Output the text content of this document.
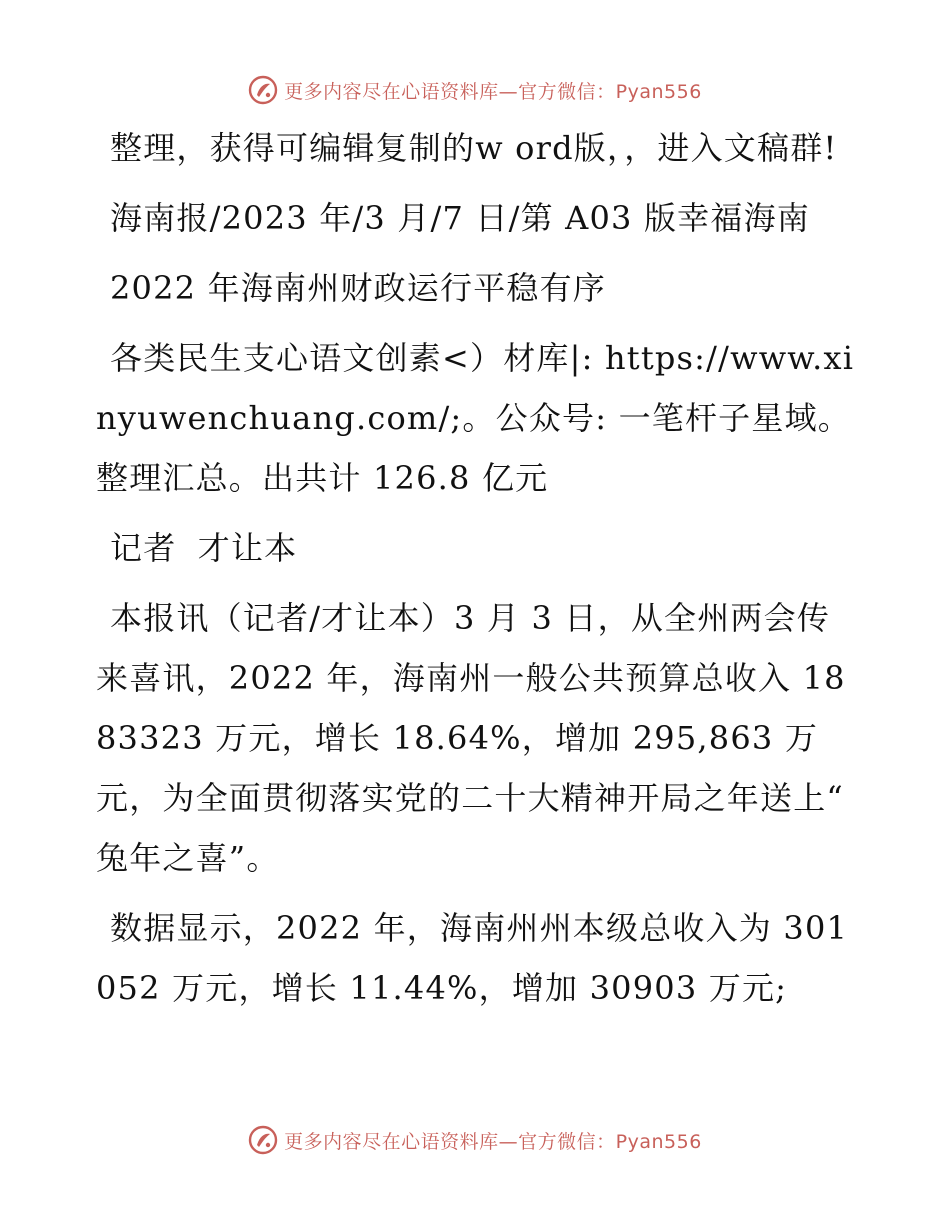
更多内容尽在心语资料库—官方微信：Pyan556

整理，获得可编辑复制的w ord版，，进入文稿群!

海南报/2023 年/3 月/7 日/第 A03 版幸福海南

2022 年海南州财政运行平稳有序

各类民生支心语文创素<）材库|: https://www.xinyuwenchuang.com/;。公众号: 一笔杆子星域。整理汇总。出共计 126.8 亿元

记者 才让本

本报讯（记者/才让本）3 月 3 日，从全州两会传来喜讯，2022 年，海南州一般公共预算总收入 1883323 万元，增长 18.64%，增加 295,863 万元，为全面贯彻落实党的二十大精神开局之年送上“ 兔年之喜”。

数据显示，2022 年，海南州州本级总收入为 301052 万元，增长 11.44%，增加 30903 万元;

更多内容尽在心语资料库—官方微信：Pyan556
